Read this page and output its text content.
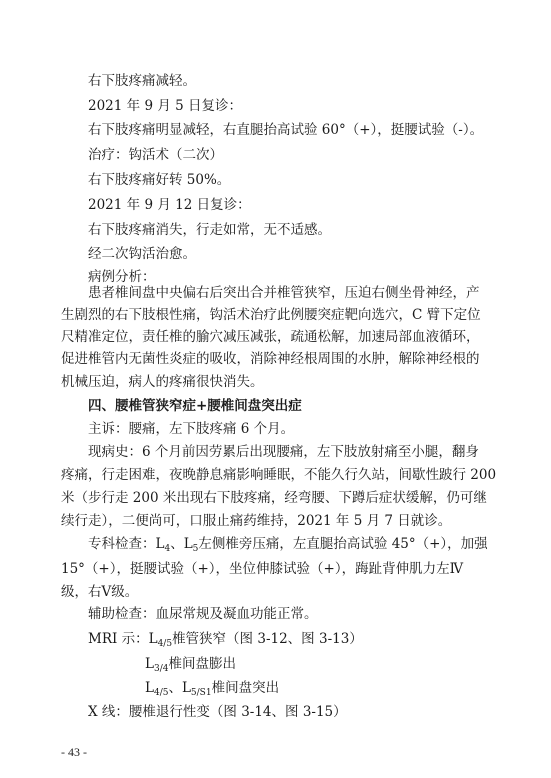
右下肢疼痛减轻。
2021 年 9 月 5 日复诊：
右下肢疼痛明显减轻，右直腿抬高试验 60°（+），挺腰试验（-）。
治疗：钩活术（二次）
右下肢疼痛好转 50%。
2021 年 9 月 12 日复诊：
右下肢疼痛消失，行走如常，无不适感。
经二次钩活治愈。
病例分析：
患者椎间盘中央偏右后突出合并椎管狭窄，压迫右侧坐骨神经，产
生剧烈的右下肢根性痛，钩活术治疗此例腰突症靶向选穴，C 臂下定位
尺精准定位，责任椎的腧穴减压减张，疏通松解，加速局部血液循环，
促进椎管内无菌性炎症的吸收，消除神经根周围的水肿，解除神经根的
机械压迫，病人的疼痛很快消失。
四、腰椎管狭窄症+腰椎间盘突出症
主诉：腰痛，左下肢疼痛 6 个月。
现病史：6 个月前因劳累后出现腰痛，左下肢放射痛至小腿，翻身
疼痛，行走困难，夜晚静息痛影响睡眠，不能久行久站，间歇性跛行 200
米（步行走 200 米出现右下肢疼痛，经弯腰、下蹲后症状缓解，仍可继
续行走），二便尚可，口服止痛药维持，2021 年 5 月 7 日就诊。
专科检查：$L_4$、$L_5$左侧椎旁压痛，左直腿抬高试验 45°（+），加强
15°（+），挺腰试验（+），坐位伸膝试验（+），踇趾背伸肌力左Ⅳ
级，右Ⅴ级。
辅助检查：血尿常规及凝血功能正常。
MRI 示：$L_{4/5}$椎管狭窄（图 3-12、图 3-13）
X 线：腰椎退行性变（图 3-14、图 3-15）
- 43 -
$L_{3/4}$椎间盘膨出
$L_{4/5}$、$L_{5/S1}$椎间盘突出
